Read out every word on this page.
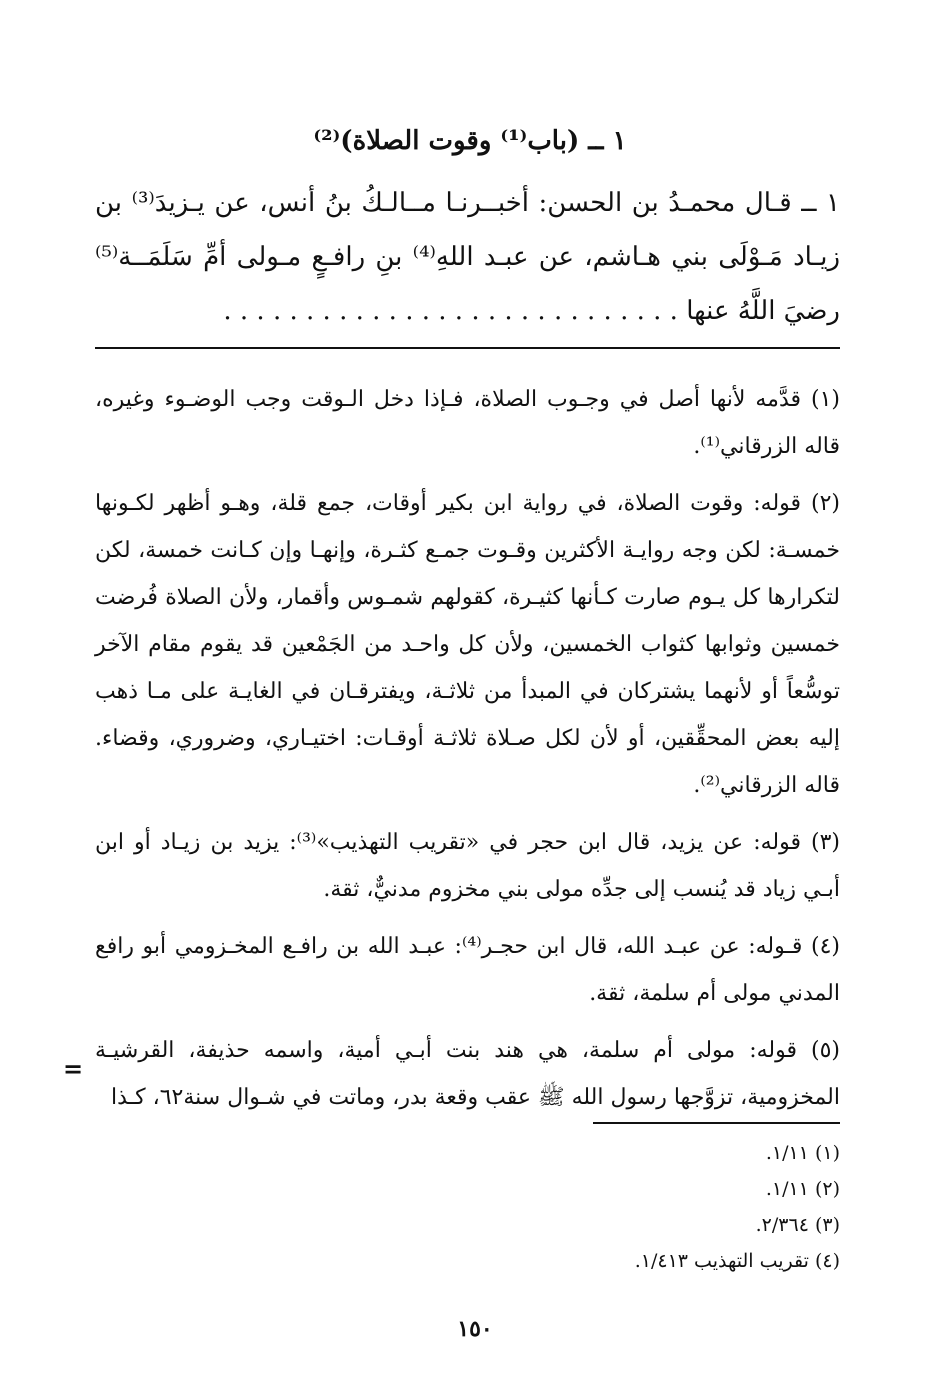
١ ــ (باب⁽¹⁾ وقوت الصلاة)⁽²⁾
١ ــ قـال محمـدُ بن الحسن: أخبــرنـا مــالـكُ بنُ أنس، عن يـزيدَ⁽³⁾ بن زيـاد مَـوْلَى بني هـاشم، عن عبـد اللهِ⁽⁴⁾ بنِ رافـعٍ مـولى أمِّ سَلَمَــة⁽⁵⁾ رضيَ اللَّهُ عنها . . . . . . . . . . . . . . . . . . . . . . . . . . . .

(١) قدَّمه لأنها أصل في وجـوب الصلاة، فـإذا دخل الـوقت وجب الوضـوء وغيره، قاله الزرقاني⁽¹⁾.

(٢) قوله: وقوت الصلاة، في رواية ابن بكير أوقات، جمع قلة، وهـو أظهر لكـونها خمسـة: لكن وجه روايـة الأكثرين وقـوت جمـع كثـرة، وإنهـا وإن كـانت خمسة، لكن لتكرارها كل يـوم صارت كـأنها كثيـرة، كقولهم شمـوس وأقمار، ولأن الصلاة فُرضت خمسين وثوابها كثواب الخمسين، ولأن كل واحـد من الجَمْعين قد يقوم مقام الآخر توسُّعاً أو لأنهما يشتركان في المبدأ من ثلاثـة، ويفترقـان في الغايـة على مـا ذهب إليه بعض المحقِّقين، أو لأن لكل صـلاة ثلاثـة أوقـات: اختيـاري، وضروري، وقضاء. قاله الزرقاني⁽²⁾.

(٣) قوله: عن يزيد، قال ابن حجر في «تقريب التهذيب»⁽³⁾: يزيد بن زيـاد أو ابن أبـي زياد قد يُنسب إلى جدِّه مولى بني مخزوم مدنيٌّ، ثقة.

(٤) قـوله: عن عبـد الله، قال ابن حجـر⁽⁴⁾: عبـد الله بن رافـع المخـزومي أبو رافع المدني مولى أم سلمة، ثقة.

(٥) قوله: مولى أم سلمة، هي هند بنت أبـي أمية، واسمه حذيفة، القرشيـة المخزومية، تزوَّجها رسول الله ﷺ عقب وقعة بدر، وماتت في شـوال سنة٦٢، كـذا

=
(١) ١/١١.
(٢) ١/١١.
(٣) ٢/٣٦٤.
(٤) تقريب التهذيب ١/٤١٣.
١٥٠
